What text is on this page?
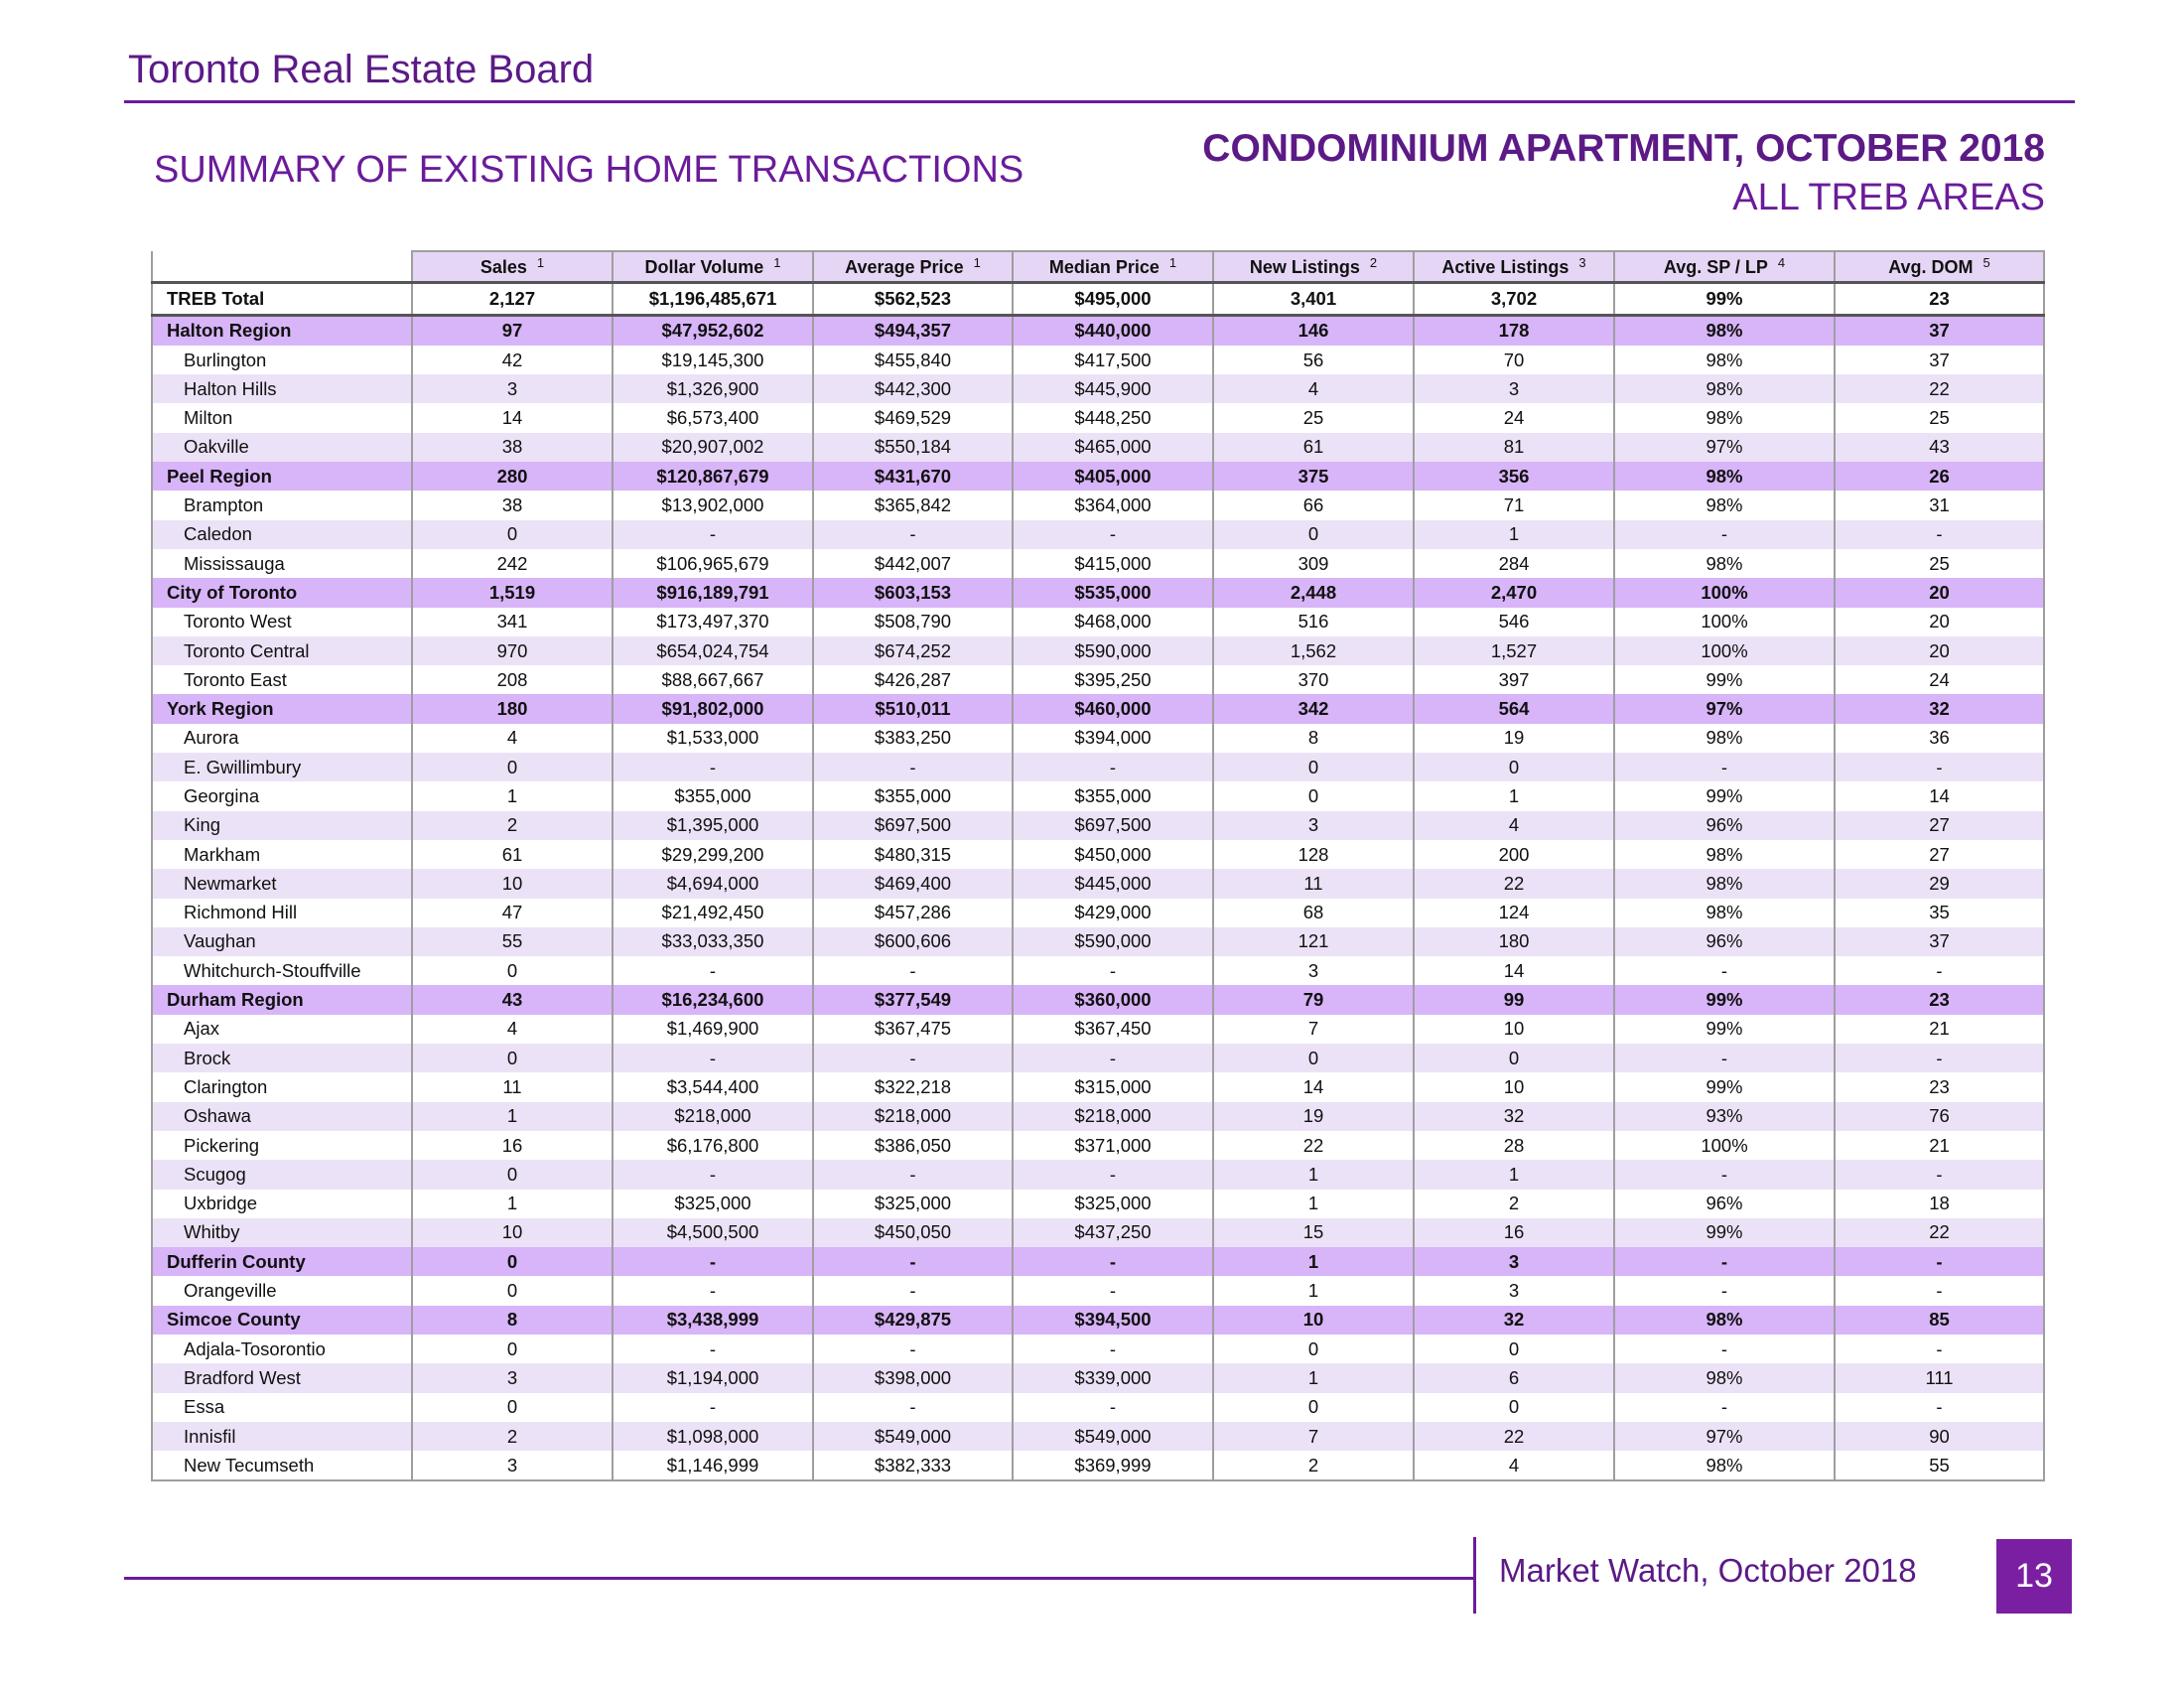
Toronto Real Estate Board
SUMMARY OF EXISTING HOME TRANSACTIONS	CONDOMINIUM APARTMENT, OCTOBER 2018
ALL TREB AREAS
	Sales $^1$	Dollar Volume $^1$	Average Price $^1$	Median Price $^1$	New Listings $^2$	Active Listings $^3$	Avg. SP / LP $^4$	Avg. DOM $^5$
TREB Total	2,127	$1,196,485,671	$562,523	$495,000	3,401	3,702	99%	23
Halton Region	97	$47,952,602	$494,357	$440,000	146	178	98%	37
Burlington	42	$19,145,300	$455,840	$417,500	56	70	98%	37
Halton Hills	3	$1,326,900	$442,300	$445,900	4	3	98%	22
Milton	14	$6,573,400	$469,529	$448,250	25	24	98%	25
Oakville	38	$20,907,002	$550,184	$465,000	61	81	97%	43
Peel Region	280	$120,867,679	$431,670	$405,000	375	356	98%	26
Brampton	38	$13,902,000	$365,842	$364,000	66	71	98%	31
Caledon	0	-	-	-	0	1	-	-
Mississauga	242	$106,965,679	$442,007	$415,000	309	284	98%	25
City of Toronto	1,519	$916,189,791	$603,153	$535,000	2,448	2,470	100%	20
Toronto West	341	$173,497,370	$508,790	$468,000	516	546	100%	20
Toronto Central	970	$654,024,754	$674,252	$590,000	1,562	1,527	100%	20
Toronto East	208	$88,667,667	$426,287	$395,250	370	397	99%	24
York Region	180	$91,802,000	$510,011	$460,000	342	564	97%	32
Aurora	4	$1,533,000	$383,250	$394,000	8	19	98%	36
E. Gwillimbury	0	-	-	-	0	0	-	-
Georgina	1	$355,000	$355,000	$355,000	0	1	99%	14
King	2	$1,395,000	$697,500	$697,500	3	4	96%	27
Markham	61	$29,299,200	$480,315	$450,000	128	200	98%	27
Newmarket	10	$4,694,000	$469,400	$445,000	11	22	98%	29
Richmond Hill	47	$21,492,450	$457,286	$429,000	68	124	98%	35
Vaughan	55	$33,033,350	$600,606	$590,000	121	180	96%	37
Whitchurch-Stouffville	0	-	-	-	3	14	-	-
Durham Region	43	$16,234,600	$377,549	$360,000	79	99	99%	23
Ajax	4	$1,469,900	$367,475	$367,450	7	10	99%	21
Brock	0	-	-	-	0	0	-	-
Clarington	11	$3,544,400	$322,218	$315,000	14	10	99%	23
Oshawa	1	$218,000	$218,000	$218,000	19	32	93%	76
Pickering	16	$6,176,800	$386,050	$371,000	22	28	100%	21
Scugog	0	-	-	-	1	1	-	-
Uxbridge	1	$325,000	$325,000	$325,000	1	2	96%	18
Whitby	10	$4,500,500	$450,050	$437,250	15	16	99%	22
Dufferin County	0	-	-	-	1	3	-	-
Orangeville	0	-	-	-	1	3	-	-
Simcoe County	8	$3,438,999	$429,875	$394,500	10	32	98%	85
Adjala-Tosorontio	0	-	-	-	0	0	-	-
Bradford West	3	$1,194,000	$398,000	$339,000	1	6	98%	111
Essa	0	-	-	-	0	0	-	-
Innisfil	2	$1,098,000	$549,000	$549,000	7	22	97%	90
New Tecumseth	3	$1,146,999	$382,333	$369,999	2	4	98%	55
Market Watch, October 2018	13
